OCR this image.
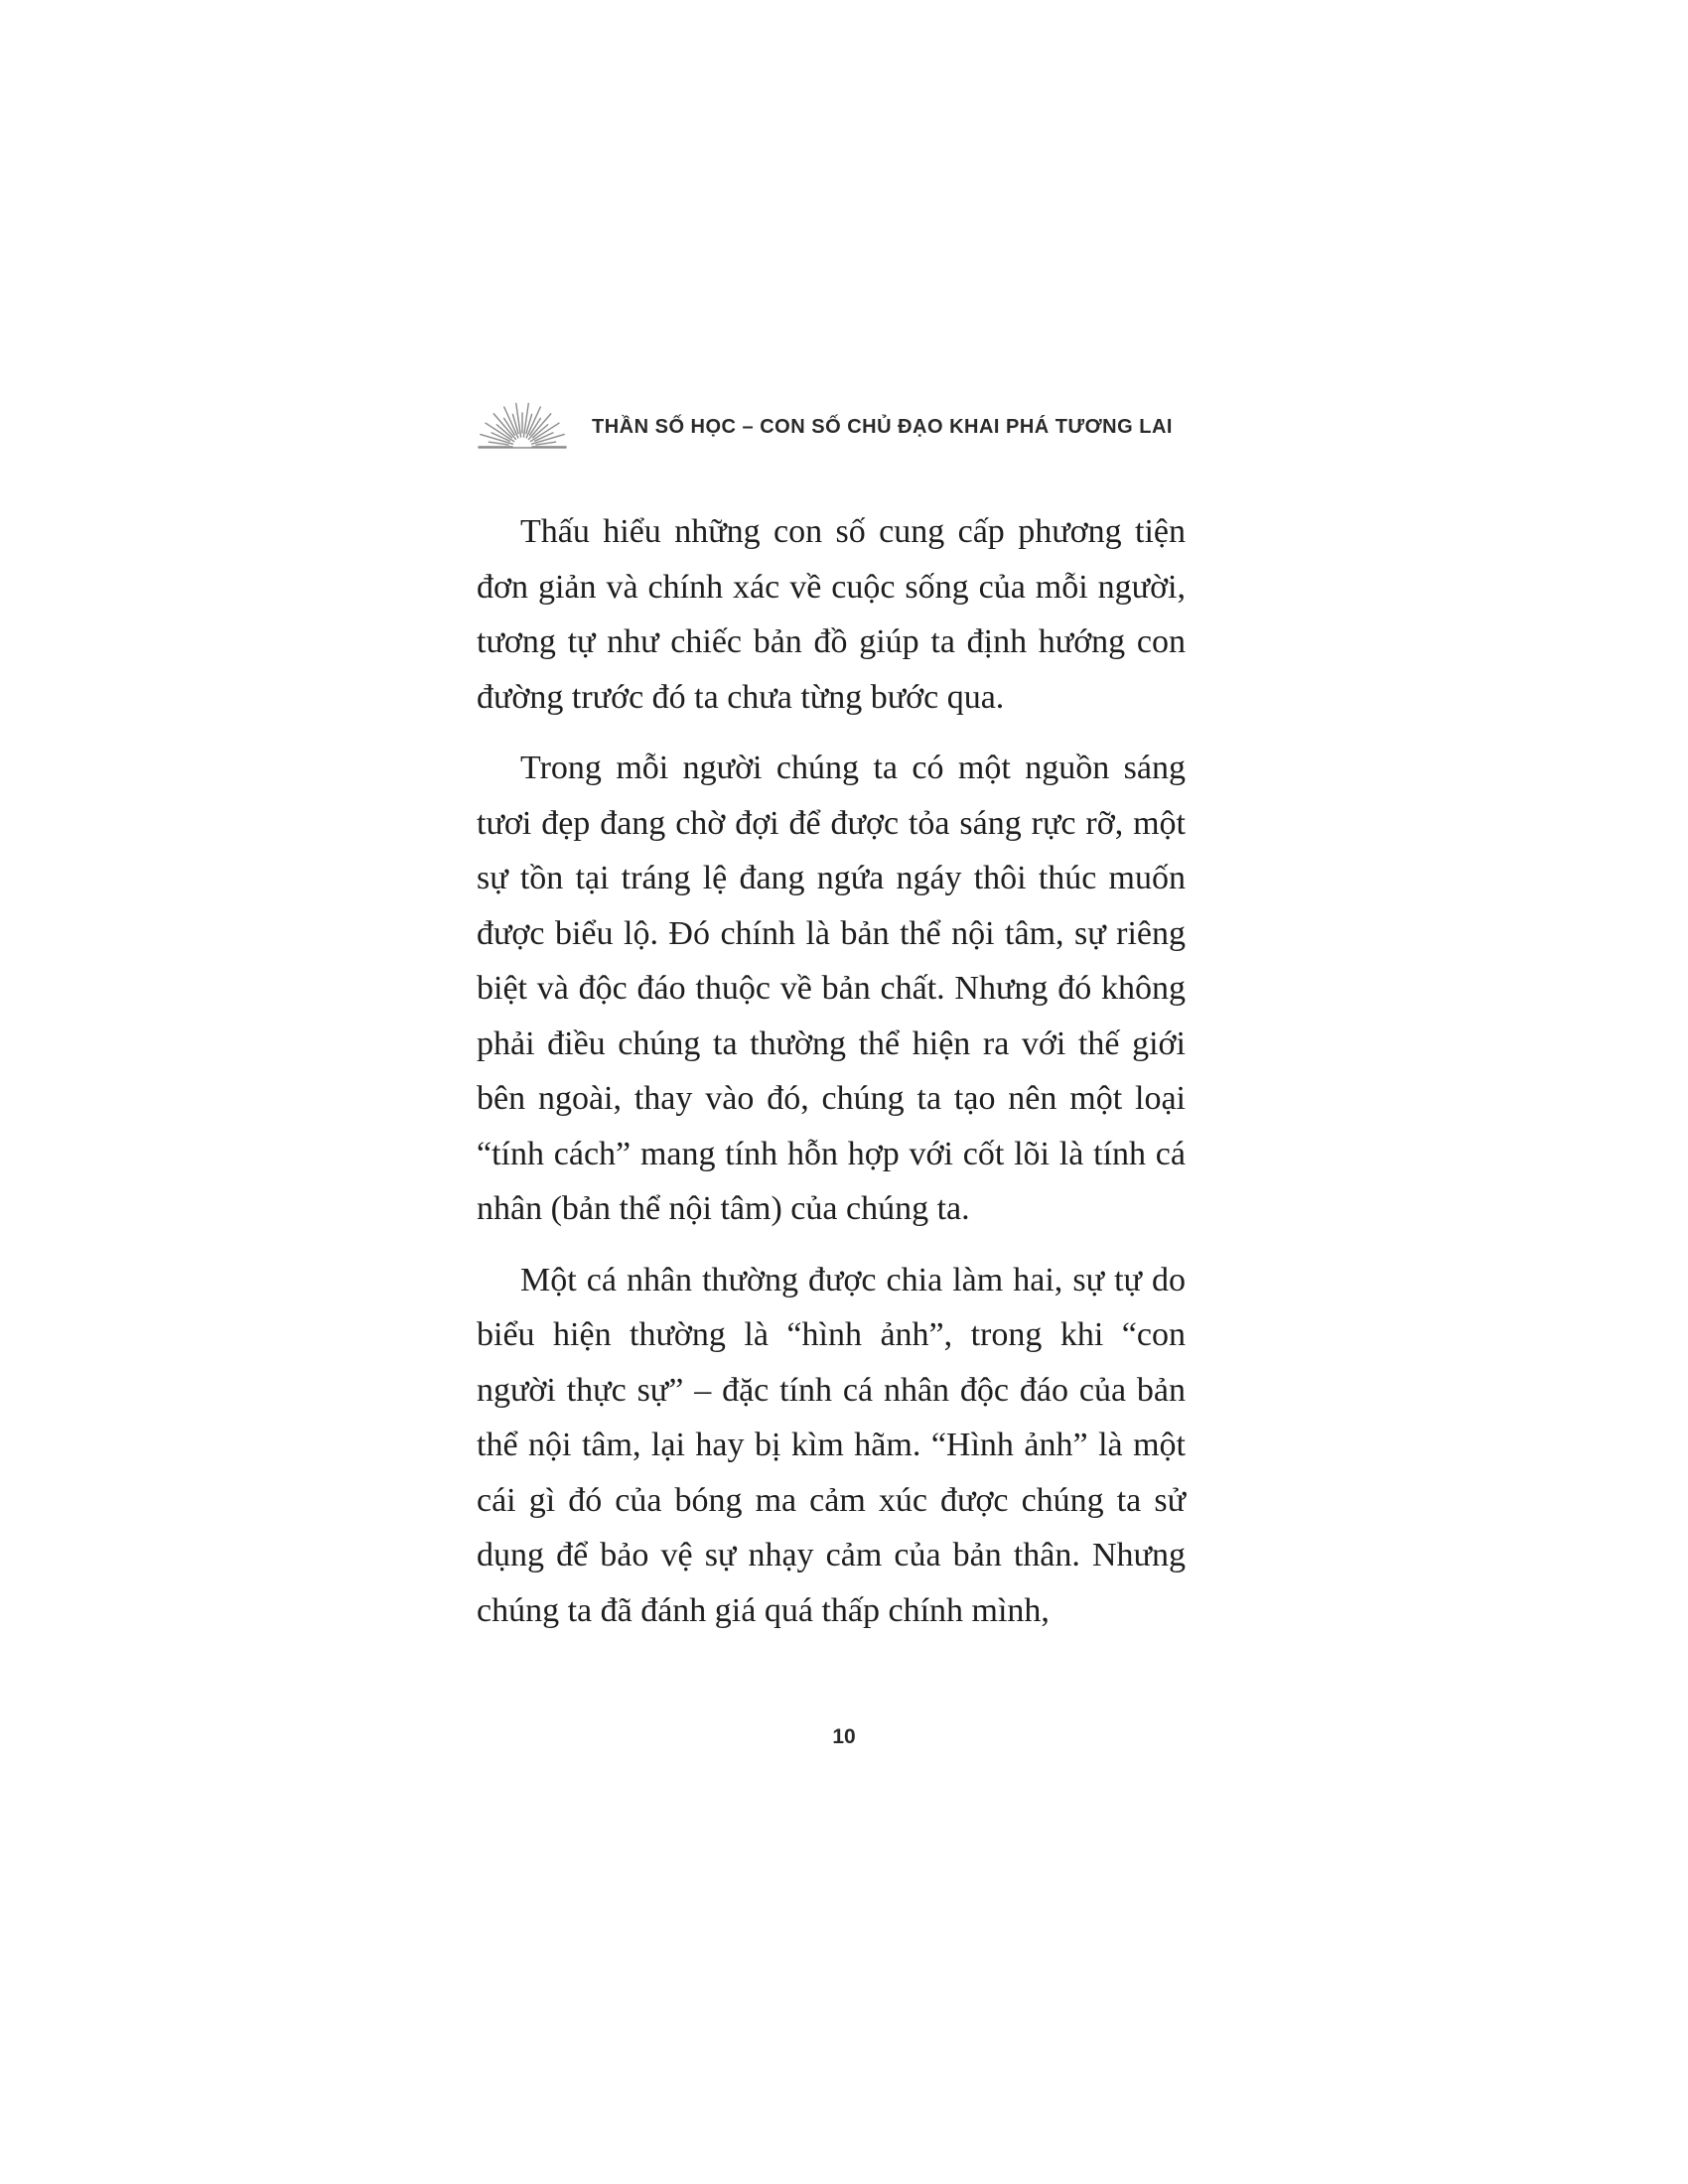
THẦN SỐ HỌC – CON SỐ CHỦ ĐẠO KHAI PHÁ TƯƠNG LAI

Thấu hiểu những con số cung cấp phương tiện đơn giản và chính xác về cuộc sống của mỗi người, tương tự như chiếc bản đồ giúp ta định hướng con đường trước đó ta chưa từng bước qua.

Trong mỗi người chúng ta có một nguồn sáng tươi đẹp đang chờ đợi để được tỏa sáng rực rỡ, một sự tồn tại tráng lệ đang ngứa ngáy thôi thúc muốn được biểu lộ. Đó chính là bản thể nội tâm, sự riêng biệt và độc đáo thuộc về bản chất. Nhưng đó không phải điều chúng ta thường thể hiện ra với thế giới bên ngoài, thay vào đó, chúng ta tạo nên một loại “tính cách” mang tính hỗn hợp với cốt lõi là tính cá nhân (bản thể nội tâm) của chúng ta.

Một cá nhân thường được chia làm hai, sự tự do biểu hiện thường là “hình ảnh”, trong khi “con người thực sự” – đặc tính cá nhân độc đáo của bản thể nội tâm, lại hay bị kìm hãm. “Hình ảnh” là một cái gì đó của bóng ma cảm xúc được chúng ta sử dụng để bảo vệ sự nhạy cảm của bản thân. Nhưng chúng ta đã đánh giá quá thấp chính mình,

10
